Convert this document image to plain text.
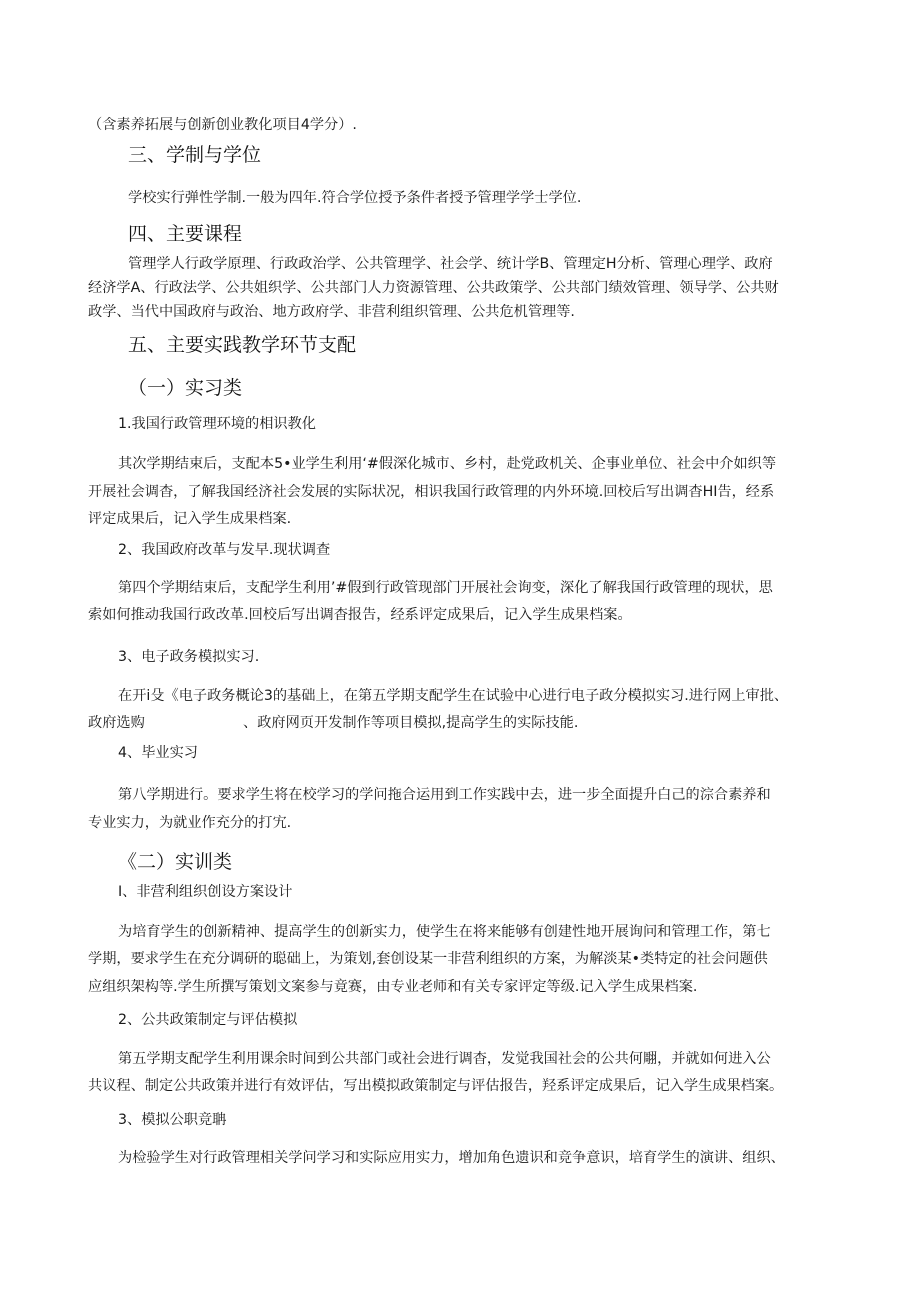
（含素养拓展与创新创业教化项目4学分）.
三、学制与学位
学校实行弹性学制.一般为四年.符合学位授予条件者授予管理学学士学位.
四、主要课程
管理学人行政学原理、行政政治学、公共管理学、社会学、统计学B、管理定H分析、管理心理学、政府
经济学A、行政法学、公共姐织学、公共部门人力资源管理、公共政策学、公共部门绩效管理、领导学、公共财
政学、当代中国政府与政治、地方政府学、非营利组织管理、公共危机管理等.
五、主要实践教学环节支配
（一）实习类
1.我国行政管理环境的相识教化
其次学期结束后，支配本5•业学生利用‘#假深化城市、乡村，赴党政机关、企事业单位、社会中介如织等
开展社会调杳，了解我国经济社会发展的实际状况，相识我国行政管理的内外环境.回校后写出调杳HI告，经系
评定成果后，记入学生成果档案.
2、我国政府改革与发早.现状调查
第四个学期结束后，支配学生利用’#假到行政管现部门开展社会询变，深化了解我国行政管理的现状，思
索如何推动我国行政改革.回校后写出调杳报告，经系评定成果后，记入学生成果档案。
3、电子政务模拟实习.
在开i殳《电子政务概论3的基础上，在第五学期支配学生在试验中心进行电子政分模拟实习.进行网上审批、
政府选购	、政府网页开发制作等项目模拟,提高学生的实际技能.
4、毕业实习
第八学期进行。要求学生将在校学习的学问拖合运用到工作实践中去，进一步全面提升白己的淙合素养和
专业实力，为就业作充分的打宄.
《二）实训类
I、非营利组织创设方案设计
为培育学生的创新精神、提高学生的创新实力，使学生在将来能够有创建性地开展询问和管理工作，第七
学期，要求学生在充分调研的聪础上，为策划,套创设某一非营利组织的方案，为解淡某•类特定的社会问题供
应组织架构等.学生所撰写策划文案参与竟赛，由专业老师和有关专家评定等级.记入学生成果档案.
2、公共政策制定与评估模拟
第五学期支配学生利用课余时间到公共部门或社会进行调杳，发觉我国社会的公共何翢，并就如何进入公
共议程、制定公共政策并进行有效评估，写出模拟政策制定与评估报告，羟系评定成果后，记入学生成果档案。
3、模拟公职竞聃
为检验学生对行政管理相关学问学习和实际应用实力，增加角色遗识和竞争意识，培育学生的演讲、组织、
